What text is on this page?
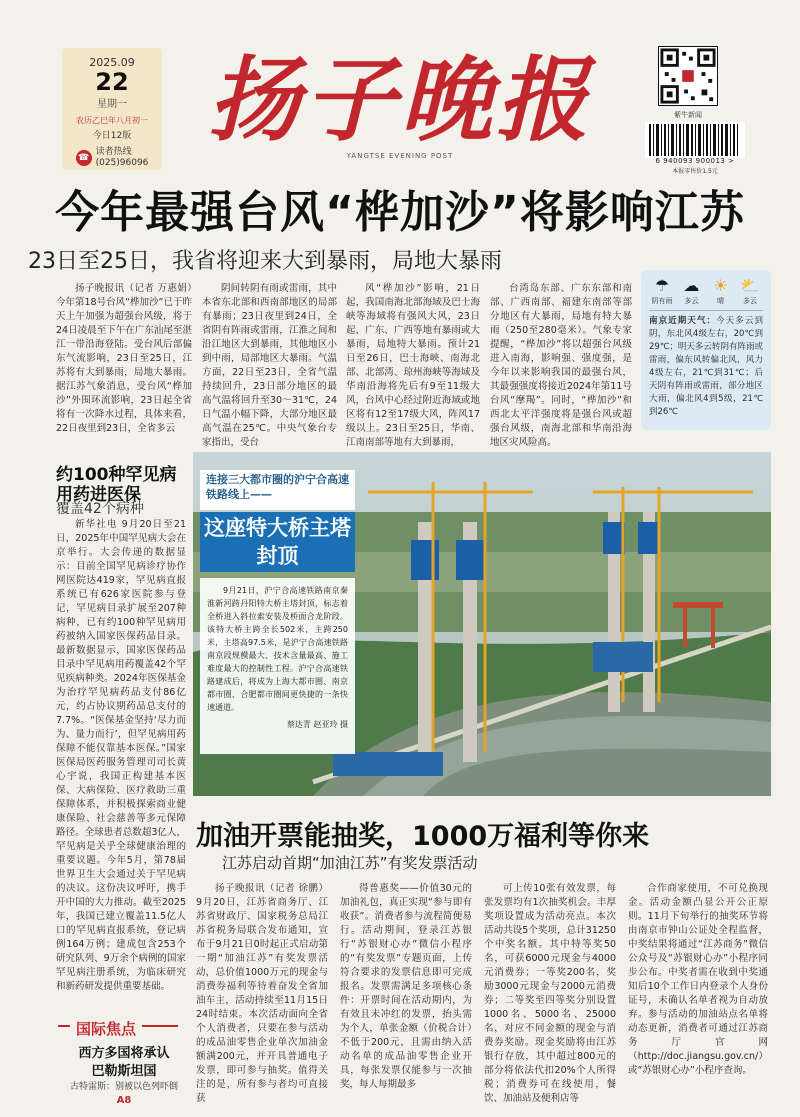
2025.09
22
星期一
农历乙巳年八月初一
今日12版
☎
读者热线
(025)96096
扬子晚报
YANGTSE EVENING POST
紫牛新闻
6 940093 900013 >
本报零售价1.5元
今年最强台风“桦加沙”将影响江苏
23日至25日，我省将迎来大到暴雨，局地大暴雨

扬子晚报讯（记者 万惠娟）今年第18号台风“桦加沙”已于昨天上午加强为超强台风级，将于24日凌晨至下午在广东汕尾至湛江一带沿海登陆。受台风后部偏东气流影响，23日至25日，江苏将有大到暴雨，局地大暴雨。据江苏气象消息，受台风“桦加沙”外围环流影响，23日起全省将有一次降水过程，具体来看，22日夜里到23日，全省多云

阴间转阴有雨或雷雨，其中本省东北部和西南部地区的局部有暴雨；23日夜里到24日，全省阴有阵雨或雷雨，江淮之间和沿江地区大到暴雨，其他地区小到中雨，局部地区大暴雨。气温方面，22日至23日，全省气温持续回升，23日部分地区的最高气温将回升至30～31℃，24日气温小幅下降，大部分地区最高气温在25℃。中央气象台专家指出，受台

风“桦加沙”影响，21日起，我国南海北部海域及巴士海峡等海域将有强风大风，23日起，广东、广西等地有暴雨或大暴雨，局地特大暴雨。预计21日至26日，巴士海峡、南海北部、北部湾、琼州海峡等海域及华南沿海将先后有9至11级大风，台风中心经过附近海域或地区将有12至17级大风，阵风17级以上。23日至25日，华南、江南南部等地有大到暴雨，

台湾岛东部、广东东部和南部、广西南部、福建东南部等部分地区有大暴雨，局地有特大暴雨（250至280毫米）。气象专家提醒，“桦加沙”将以超强台风级进入南海，影响强、强度强，是今年以来影响我国的最强台风，其最强强度将接近2024年第11号台风“摩羯”。同时，“桦加沙”和西北太平洋强度将是强台风或超强台风级，南海北部和华南沿海地区灾风险高。

☂
阴有雨
☁
多云
☀
晴
⛅
多云
南京近期天气：今天多云到阴，东北风4级左右，20℃到29℃；明天多云转阴有阵雨或雷雨，偏东风转偏北风，风力4级左右，21℃到31℃；后天阴有阵雨或雷雨，部分地区大雨，偏北风4到5级，21℃到26℃
约100种罕见病
用药进医保
覆盖42个病种

新华社电 9月20日至21日，2025年中国罕见病大会在京举行。大会传递的数据显示：目前全国罕见病诊疗协作网医院达419家，罕见病直报系统已有626家医院参与登记，罕见病目录扩展至207种病种，已有约100种罕见病用药被纳入国家医保药品目录。最新数据显示，国家医保药品目录中罕见病用药覆盖42个罕见疾病种类。2024年医保基金为治疗罕见病药品支付86亿元，约占协议期药品总支付的7.7%。“医保基金坚持‘尽力而为、量力而行’，但罕见病用药保障不能仅靠基本医保。”国家医保局医药服务管理司司长黄心宇说，我国正构建基本医保、大病保险、医疗救助三重保障体系，并积极探索商业健康保险、社会慈善等多元保障路径。全球患者总数超3亿人，罕见病是关乎全球健康治理的重要议题。今年5月，第78届世界卫生大会通过关于罕见病的决议。这份决议呼吁，携手开中国的大力推动。截至2025年，我国已建立覆盖11.5亿人口的罕见病直报系统，登记病例164万例；建成包含253个研究队列、9万余个病例的国家罕见病注册系统，为临床研究和新药研发提供重要基础。

连接三大都市圈的沪宁合高速铁路线上——
这座特大桥主塔封顶

9月21日，沪宁合高速铁路南京秦淮新河跨丹阳特大桥主塔封顶，标志着全桥进入斜拉索安装及桥面合龙阶段。该特大桥主跨全长502米，主跨250米，主塔高97.5米，是沪宁合高速铁路南京段规模最大、技术含量最高、施工难度最大的控制性工程。沪宁合高速铁路建成后，将成为上海大都市圈、南京都市圈、合肥都市圈间更快捷的一条快速通道。

蔡达青 赵亚玲 摄

加油开票能抽奖，1000万福利等你来
江苏启动首期“加油江苏”有奖发票活动

扬子晚报讯（记者 徐鹏）9月20日，江苏省商务厅、江苏省财政厅、国家税务总局江苏省税务局联合发布通知，宣布于9月21日0时起正式启动第一期“加油江苏”有奖发票活动，总价值1000万元的现金与消费券福利等待着奋发全省加油车主，活动持续至11月15日24时结束。本次活动面向全省个人消费者，只要在参与活动的成品油零售企业单次加油金额满200元，并开具普通电子发票，即可参与抽奖。值得关注的是，所有参与者均可直接获

得普惠奖——价值30元的加油礼包，真正实现“参与即有收获”。消费者参与流程简便易行。活动期间，登录江苏银行“苏银财心办”微信小程序的“有奖发票”专题页面，上传符合要求的发票信息即可完成报名。发票需满足多项核心条件：开票时间在活动期内，为有效且未冲红的发票，抬头需为个人，单张金额（价税合计）不低于200元，且需由纳入活动名单的成品油零售企业开具，每张发票仅能参与一次抽奖，每人每期最多

可上传10张有效发票，每张发票均有1次抽奖机会。丰厚奖项设置成为活动亮点。本次活动共设5个奖项，总计31250个中奖名额。其中特等奖50名，可获6000元现金与4000元消费券；一等奖200名，奖励3000元现金与2000元消费券；二等奖至四等奖分别设置1000名、5000名、25000名，对应不同金额的现金与消费券奖励。现金奖励将由江苏银行存放，其中超过800元的部分将依法代扣20%个人所得税；消费券可在线使用，餐饮、加油站及便利店等

合作商家使用，不可兑换现金。活动金额凸显公开公正原则。11月下旬举行的抽奖环节将由南京市钟山公证处全程监督，中奖结果将通过“江苏商务”微信公众号及“苏银财心办”小程序同步公布。中奖者需在收到中奖通知后10个工作日内登录个人身份证号，未确认名单者视为自动放弃。参与活动的加油站点名单将动态更新，消费者可通过江苏商务厅官网（http://doc.jiangsu.gov.cn/）或“苏银财心办”小程序查询。

国际焦点
西方多国将承认
巴勒斯坦国
古特雷斯：别被以色列吓倒
A8
